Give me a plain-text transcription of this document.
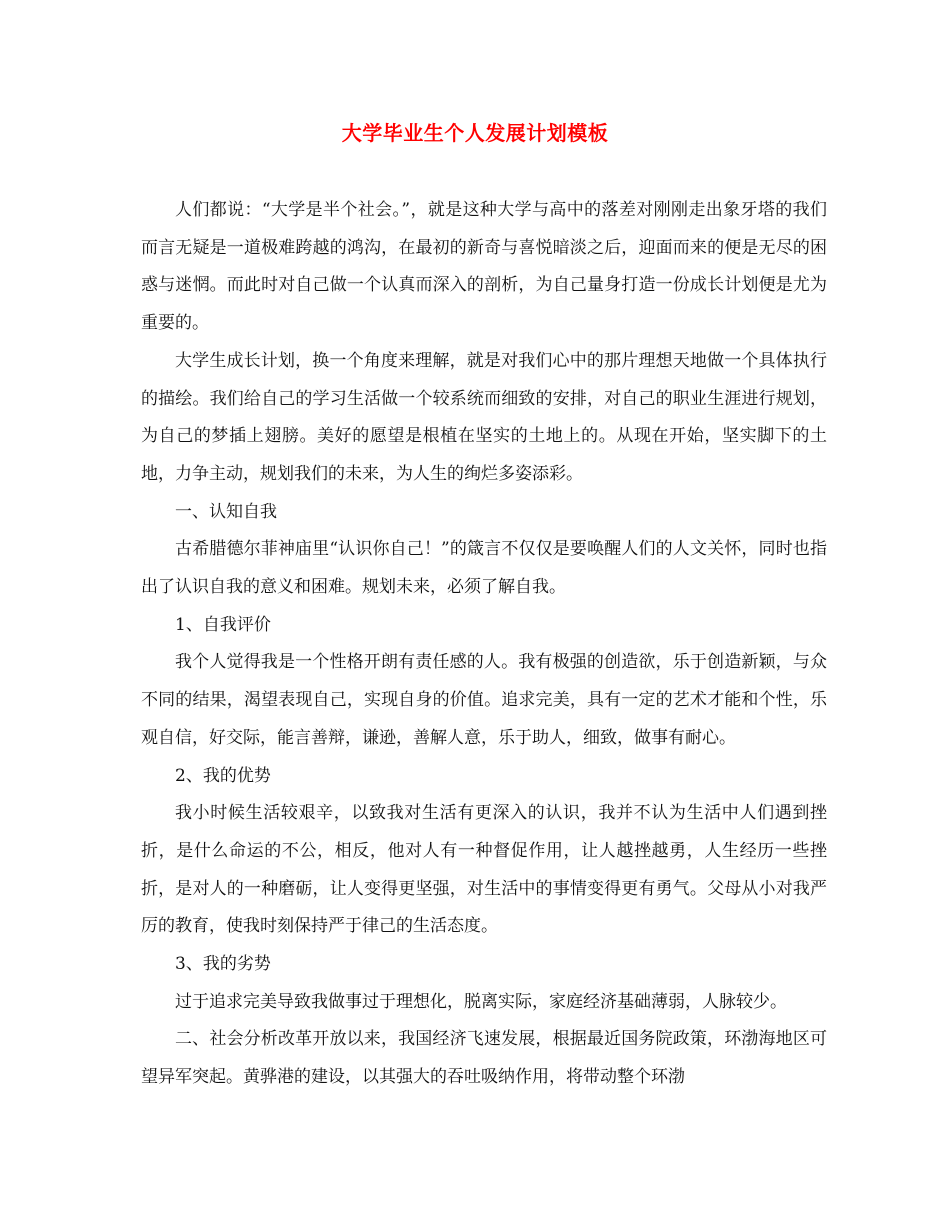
大学毕业生个人发展计划模板

人们都说：“大学是半个社会。”，就是这种大学与高中的落差对刚刚走出象牙塔的我们而言无疑是一道极难跨越的鸿沟，在最初的新奇与喜悦暗淡之后，迎面而来的便是无尽的困惑与迷惘。而此时对自己做一个认真而深入的剖析，为自己量身打造一份成长计划便是尤为重要的。

大学生成长计划，换一个角度来理解，就是对我们心中的那片理想天地做一个具体执行的描绘。我们给自己的学习生活做一个较系统而细致的安排，对自己的职业生涯进行规划，为自己的梦插上翅膀。美好的愿望是根植在坚实的土地上的。从现在开始，坚实脚下的土地，力争主动，规划我们的未来，为人生的绚烂多姿添彩。

一、认知自我

古希腊德尔菲神庙里“认识你自己！”的箴言不仅仅是要唤醒人们的人文关怀，同时也指出了认识自我的意义和困难。规划未来，必须了解自我。

1、自我评价

我个人觉得我是一个性格开朗有责任感的人。我有极强的创造欲，乐于创造新颖，与众不同的结果，渴望表现自己，实现自身的价值。追求完美，具有一定的艺术才能和个性，乐观自信，好交际，能言善辩，谦逊，善解人意，乐于助人，细致，做事有耐心。

2、我的优势

我小时候生活较艰辛，以致我对生活有更深入的认识，我并不认为生活中人们遇到挫折，是什么命运的不公，相反，他对人有一种督促作用，让人越挫越勇，人生经历一些挫折，是对人的一种磨砺，让人变得更坚强，对生活中的事情变得更有勇气。父母从小对我严厉的教育，使我时刻保持严于律己的生活态度。

3、我的劣势

过于追求完美导致我做事过于理想化，脱离实际，家庭经济基础薄弱，人脉较少。

二、社会分析改革开放以来，我国经济飞速发展，根据最近国务院政策，环渤海地区可望异军突起。黄骅港的建设，以其强大的吞吐吸纳作用，将带动整个环渤
